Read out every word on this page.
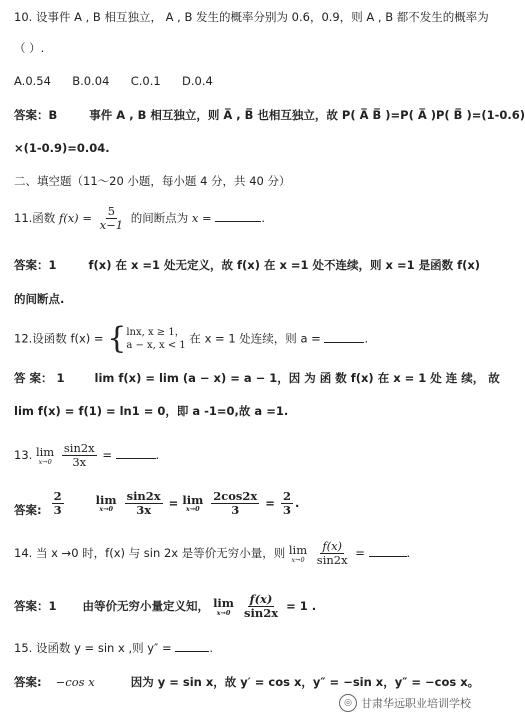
10. 设事件 A , B 相互独立， A , B 发生的概率分别为 0.6，0.9，则 A , B 都不发生的概率为
（ ）.
A.0.54 B.0.04 C.0.1 D.0.4
答案：B	事件 A , B 相互独立，则 A̅ , B̅ 也相互独立，故 P( A̅ B̅ )=P( A̅ )P( B̅ )=(1-0.6)
×(1-0.9)=0.04.
二、填空题（11～20 小题，每小题 4 分，共 40 分）
11.函数 $f(x) = \frac{5}{x-1}$ 的间断点为 x =	.
答案：1	f(x) 在 x =1 处无定义，故 f(x) 在 x =1 处不连续，则 x =1 是函数 f(x)
的间断点.
12.设函数 f(x) = { lnx, x ≥ 1，
a − x, x < 1 在 x = 1 处连续，则 a =	.
答 案： 1	lim f(x) = lim (a − x) = a − 1，因 为 函 数 f(x) 在 x = 1 处 连 续， 故
lim f(x) = f(1) = ln1 = 0，即 a -1=0,故 a =1.
13. lim
x→0
$\frac{\sin 2x}{3x}$ =	.
答案: $\frac{2}{3}$
	lim
x→0
$\frac{\sin 2x}{3x} = \lim$
x→0
$\frac{2\cos 2x}{3} = \frac{2}{3}$ .
14. 当 x →0 时，f(x) 与 sin 2x 是等价无穷小量，则 lim
x→0
$\frac{f(x)}{\sin 2x}$ =	.
答案：1 由等价无穷小量定义知， lim
x→0
$\frac{f(x)}{\sin 2x} = 1$ .
15. 设函数 y = sin x ,则 y″ =	.
答案: −cos x	因为 y = sin x，故 y′ = cos x，y″ = −sin x，y″ = −cos x。
◎ 甘肃华远职业培训学校
